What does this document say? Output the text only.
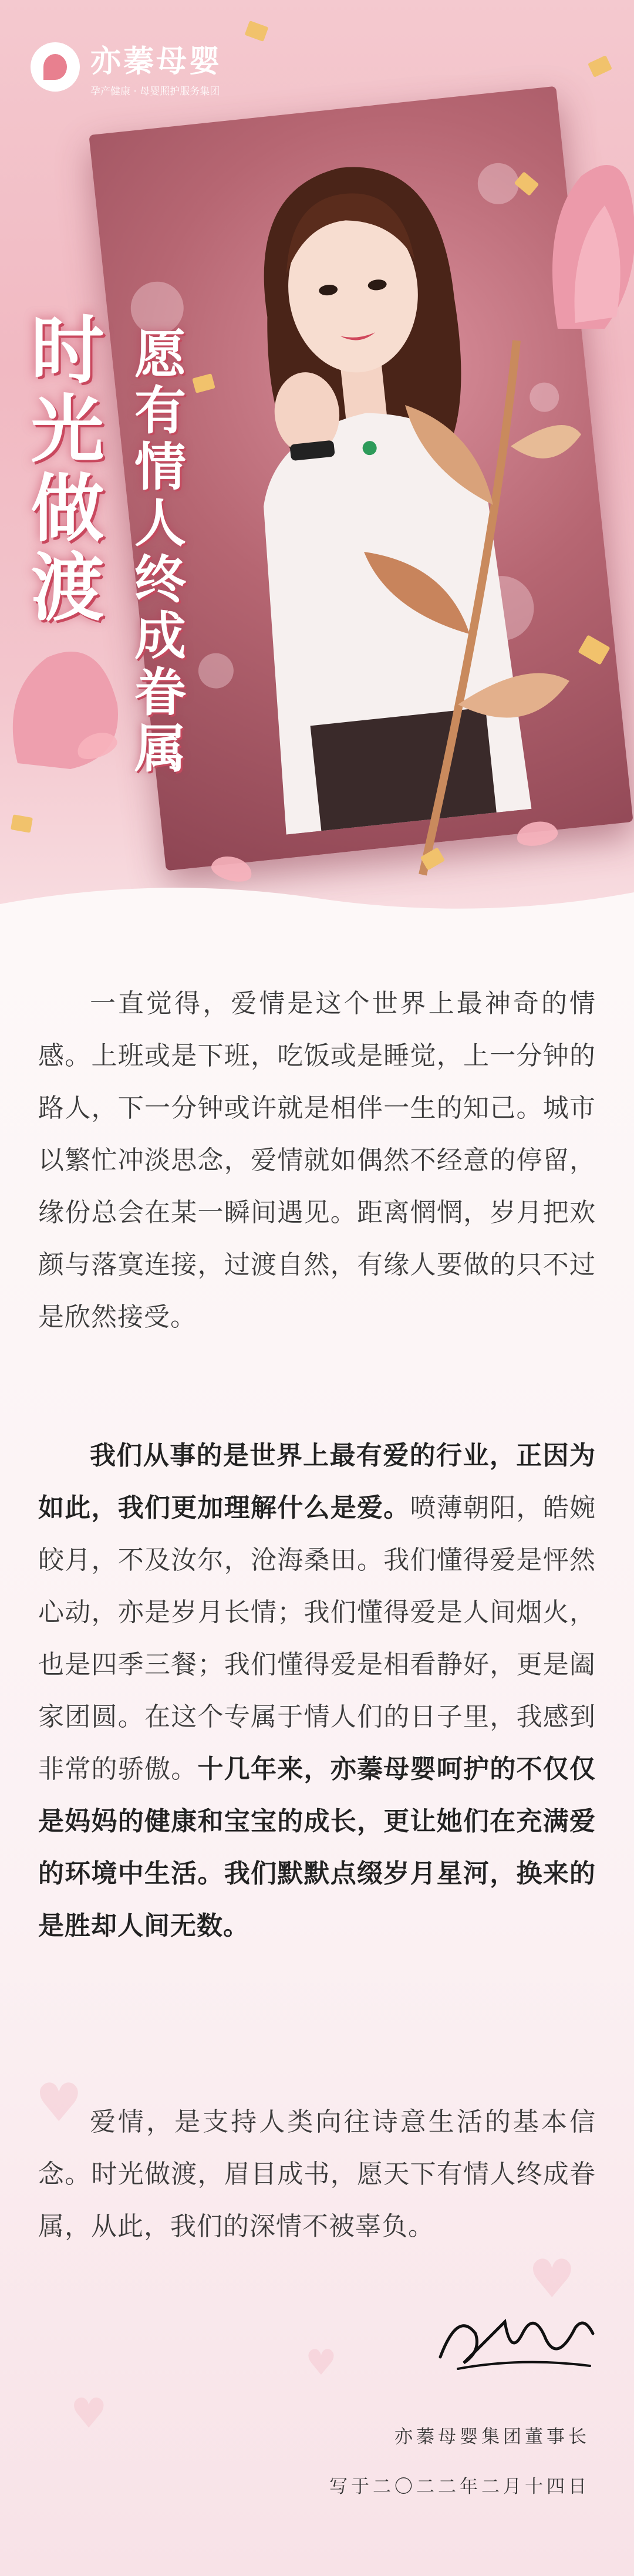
亦蓁母婴
孕产健康 · 母婴照护服务集团
时光做渡
愿有情人终成眷属
♥
♥
♥
♥

一直觉得，爱情是这个世界上最神奇的情感。上班或是下班，吃饭或是睡觉，上一分钟的路人，下一分钟或许就是相伴一生的知己。城市以繁忙冲淡思念，爱情就如偶然不经意的停留，缘份总会在某一瞬间遇见。距离惘惘，岁月把欢颜与落寞连接，过渡自然，有缘人要做的只不过是欣然接受。

我们从事的是世界上最有爱的行业，正因为如此，我们更加理解什么是爱。喷薄朝阳，皓婉皎月，不及汝尔，沧海桑田。我们懂得爱是怦然心动，亦是岁月长情；我们懂得爱是人间烟火，也是四季三餐；我们懂得爱是相看静好，更是阖家团圆。在这个专属于情人们的日子里，我感到非常的骄傲。十几年来，亦蓁母婴呵护的不仅仅是妈妈的健康和宝宝的成长，更让她们在充满爱的环境中生活。我们默默点缀岁月星河，换来的是胜却人间无数。

爱情，是支持人类向往诗意生活的基本信念。时光做渡，眉目成书，愿天下有情人终成眷属，从此，我们的深情不被辜负。

亦蓁母婴集团董事长
写于二〇二二年二月十四日
